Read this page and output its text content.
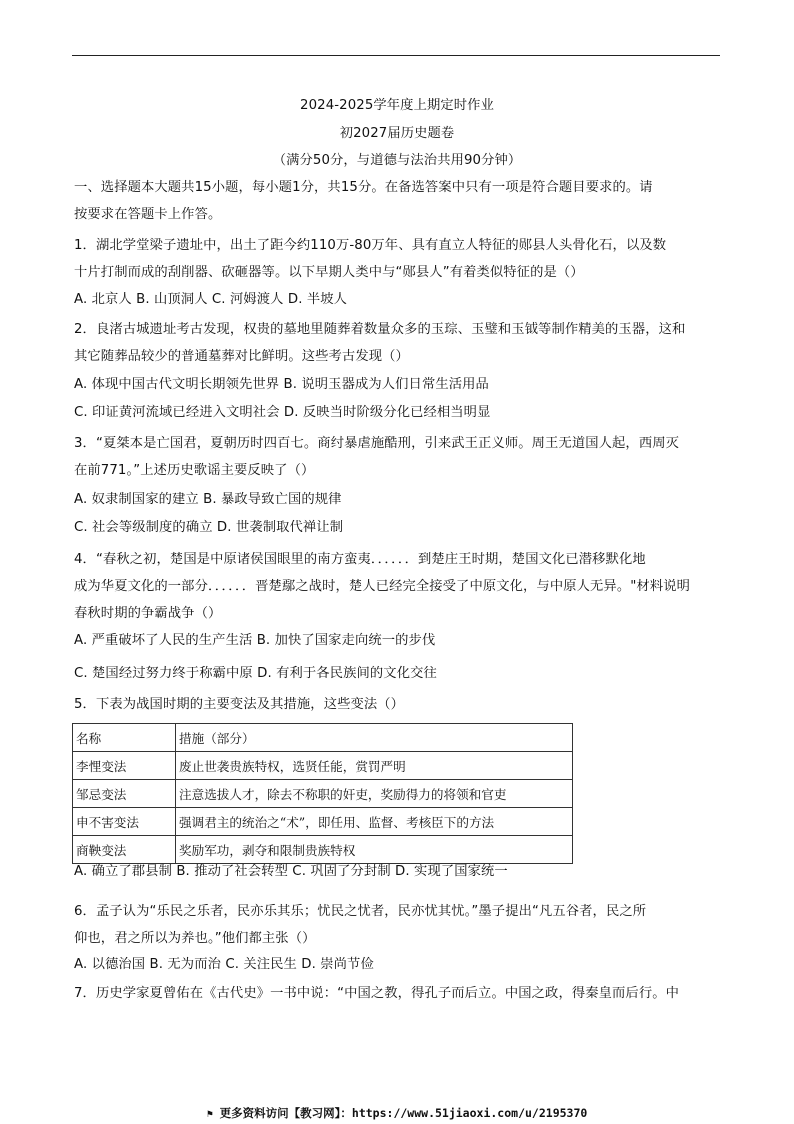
2024-2025学年度上期定时作业
初2027届历史题卷
（满分50分，与道德与法治共用90分钟）
一、选择题本大题共15小题，每小题1分，共15分。在备选答案中只有一项是符合题目要求的。请
按要求在答题卡上作答。
1．湖北学堂梁子遗址中，出土了距今约110万-80万年、具有直立人特征的郧县人头骨化石，以及数
十片打制而成的刮削器、砍砸器等。以下早期人类中与“郧县人”有着类似特征的是（）
A. 北京人 B. 山顶洞人 C. 河姆渡人 D. 半坡人
2．良渚古城遗址考古发现，权贵的墓地里随葬着数量众多的玉琮、玉璧和玉钺等制作精美的玉器，这和
其它随葬品较少的普通墓葬对比鲜明。这些考古发现（）
A. 体现中国古代文明长期领先世界 B. 说明玉器成为人们日常生活用品
C. 印证黄河流域已经进入文明社会 D. 反映当时阶级分化已经相当明显
3．“夏桀本是亡国君，夏朝历时四百七。商纣暴虐施酷刑，引来武王正义师。周王无道国人起，西周灭
在前771。”上述历史歌谣主要反映了（）
A. 奴隶制国家的建立 B. 暴政导致亡国的规律
C. 社会等级制度的确立 D. 世袭制取代禅让制
4．“春秋之初，楚国是中原诸侯国眼里的南方蛮夷．．．．．．到楚庄王时期，楚国文化已潜移默化地
成为华夏文化的一部分．．．．．．晋楚鄢之战时，楚人已经完全接受了中原文化，与中原人无异。"材料说明
春秋时期的争霸战争（）
A. 严重破坏了人民的生产生活 B. 加快了国家走向统一的步伐
C. 楚国经过努力终于称霸中原 D. 有利于各民族间的文化交往
5．下表为战国时期的主要变法及其措施，这些变法（）
名称	措施（部分）
李悝变法	废止世袭贵族特权，选贤任能，赏罚严明
邹忌变法	注意选拔人才，除去不称职的奸吏，奖励得力的将领和官吏
申不害变法	强调君主的统治之“术”，即任用、监督、考核臣下的方法
商鞅变法	奖励军功，剥夺和限制贵族特权
A. 确立了郡县制 B. 推动了社会转型 C. 巩固了分封制 D. 实现了国家统一
6．孟子认为“乐民之乐者，民亦乐其乐；忧民之忧者，民亦忧其忧。”墨子提出“凡五谷者，民之所
仰也，君之所以为养也。”他们都主张（）
A. 以德治国 B. 无为而治 C. 关注民生 D. 崇尚节俭
7．历史学家夏曾佑在《古代史》一书中说：“中国之教，得孔子而后立。中国之政，得秦皇而后行。中
⚑ 更多资料访问【教习网】：https://www.51jiaoxi.com/u/2195370
